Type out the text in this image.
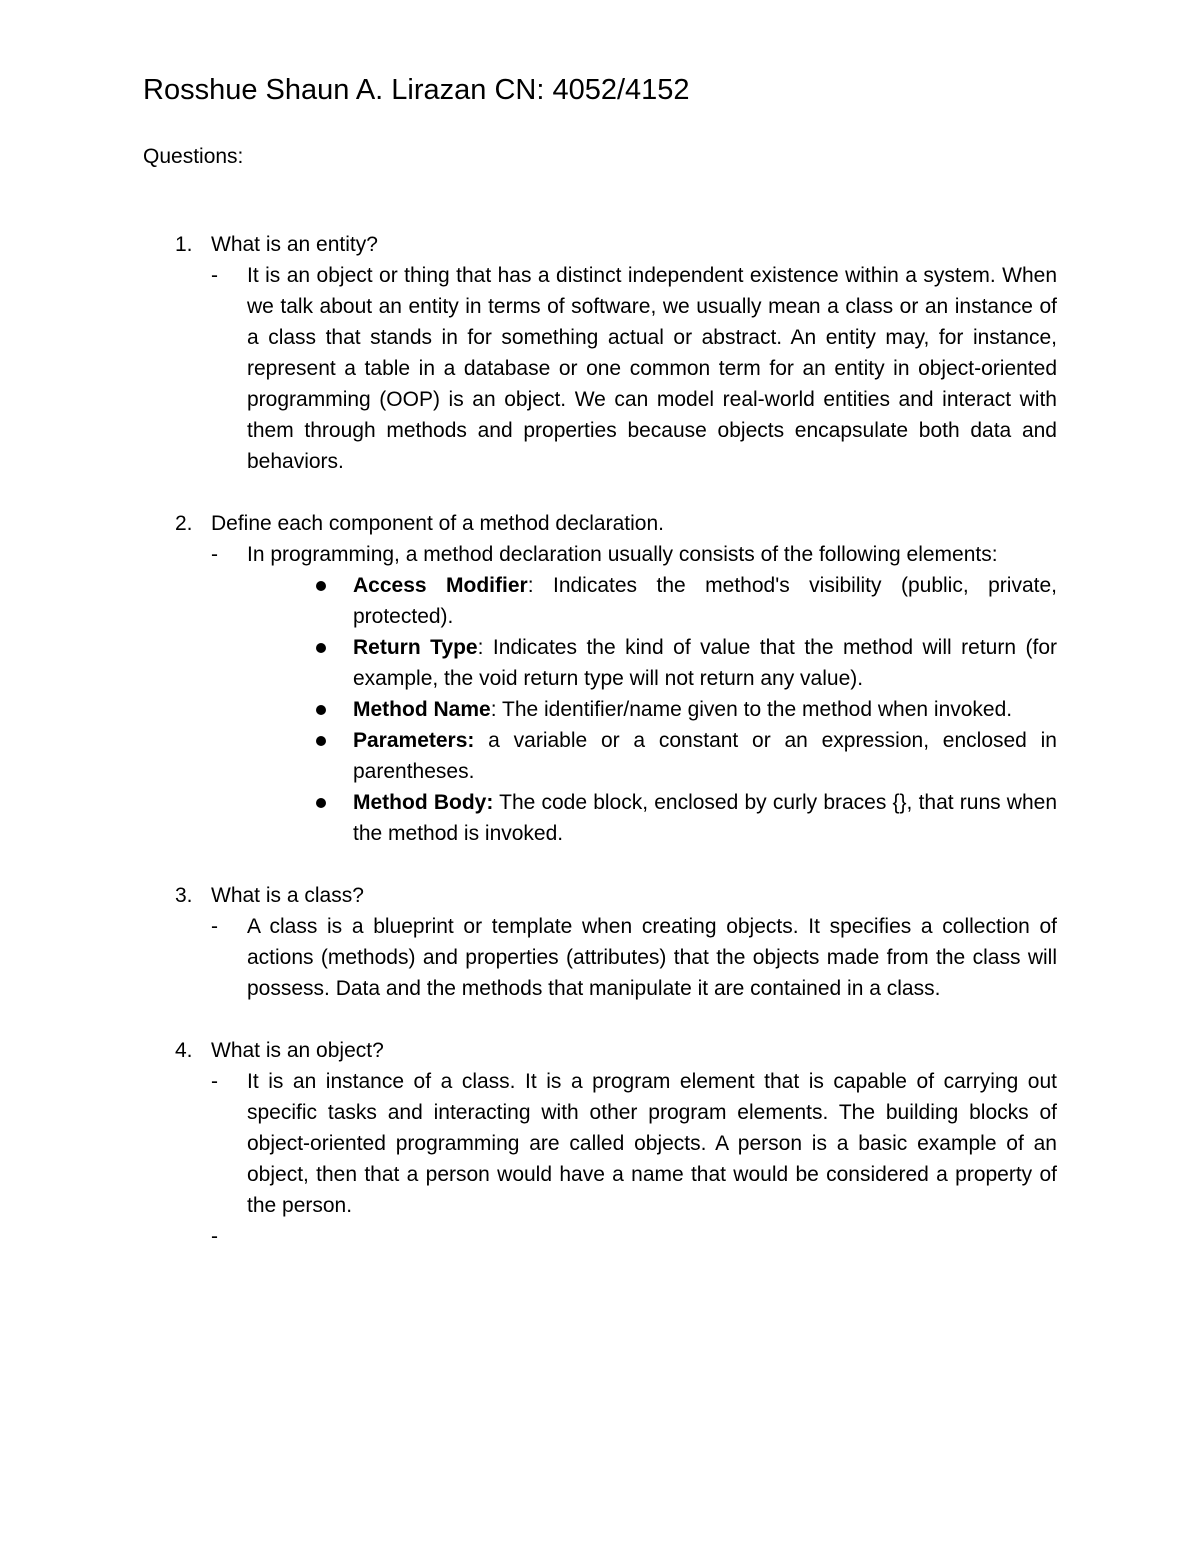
Rosshue Shaun A. Lirazan CN: 4052/4152
Questions:
1. What is an entity?
- It is an object or thing that has a distinct independent existence within a system. When we talk about an entity in terms of software, we usually mean a class or an instance of a class that stands in for something actual or abstract. An entity may, for instance, represent a table in a database or one common term for an entity in object-oriented programming (OOP) is an object. We can model real-world entities and interact with them through methods and properties because objects encapsulate both data and behaviors.
2. Define each component of a method declaration.
- In programming, a method declaration usually consists of the following elements:
Access Modifier: Indicates the method's visibility (public, private, protected).
Return Type: Indicates the kind of value that the method will return (for example, the void return type will not return any value).
Method Name: The identifier/name given to the method when invoked.
Parameters: a variable or a constant or an expression, enclosed in parentheses.
Method Body: The code block, enclosed by curly braces {}, that runs when the method is invoked.
3. What is a class?
- A class is a blueprint or template when creating objects. It specifies a collection of actions (methods) and properties (attributes) that the objects made from the class will possess. Data and the methods that manipulate it are contained in a class.
4. What is an object?
- It is an instance of a class. It is a program element that is capable of carrying out specific tasks and interacting with other program elements. The building blocks of object-oriented programming are called objects. A person is a basic example of an object, then that a person would have a name that would be considered a property of the person.
-
